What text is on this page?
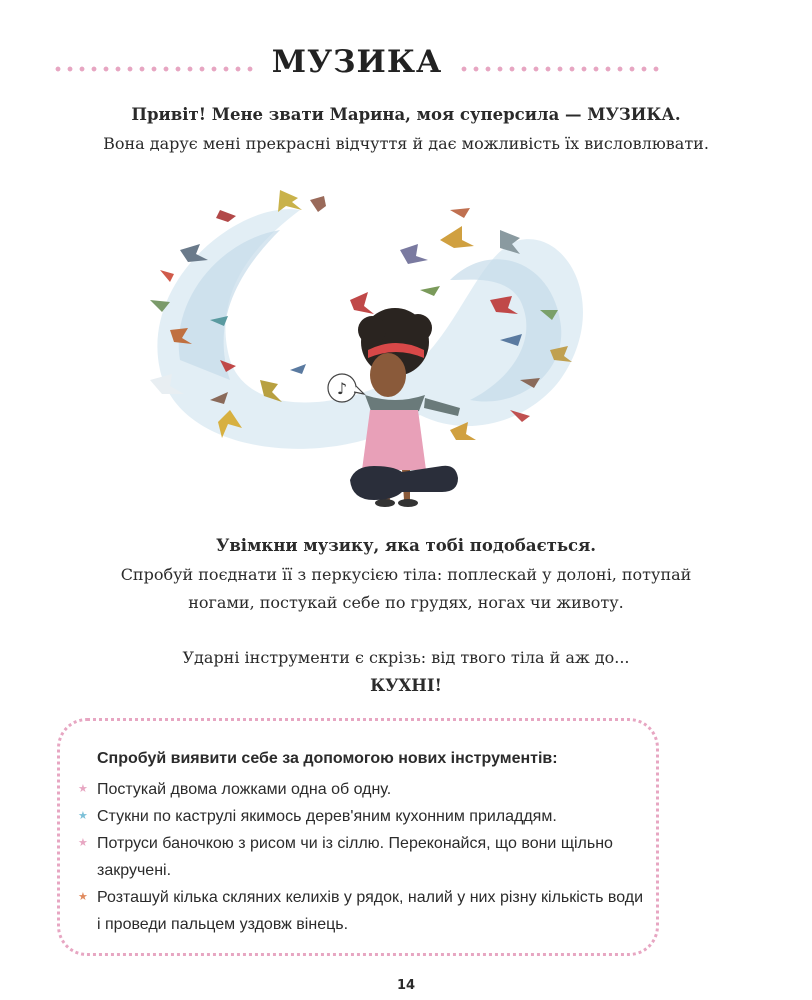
МУЗИКА
Привіт! Мене звати Марина, моя суперсила — МУЗИКА.
Вона дарує мені прекрасні відчуття й дає можливість їх висловлювати.
♪
Увімкни музику, яка тобі подобається.
Спробуй поєднати її з перкусією тіла: поплескай у долоні, потупай
ногами, постукай себе по грудях, ногах чи животу.
Ударні інструменти є скрізь: від твого тіла й аж до...
КУХНІ!
Спробуй виявити себе за допомогою нових інструментів:
★ Постукай двома ложками одна об одну.
★ Стукни по каструлі якимось дерев'яним кухонним приладдям.
★ Потруси баночкою з рисом чи із сіллю. Переконайся, що вони щільно закручені.
★ Розташуй кілька скляних келихів у рядок, налий у них різну кількість води і проведи пальцем уздовж вінець.
14
